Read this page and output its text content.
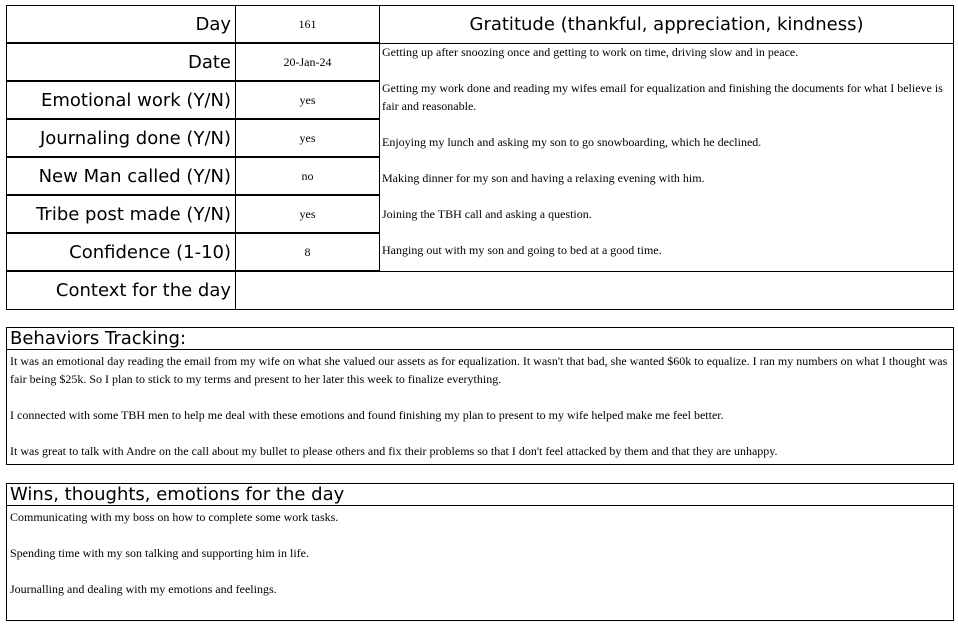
Day
Date
Emotional work (Y/N)
Journaling done (Y/N)
New Man called (Y/N)
Tribe post made (Y/N)
Confidence (1-10)
Context for the day
161
20-Jan-24
yes
yes
no
yes
8
Gratitude (thankful, appreciation, kindness)
Getting up after snoozing once and getting to work on time, driving slow and in peace.
Getting my work done and reading my wifes email for equalization and finishing the documents for what I believe is fair and reasonable.
Enjoying my lunch and asking my son to go snowboarding, which he declined.
Making dinner for my son and having a relaxing evening with him.
Joining the TBH call and asking a question.
Hanging out with my son and going to bed at a good time.
Behaviors Tracking:

It was an emotional day reading the email from my wife on what she valued our assets as for equalization. It wasn't that bad, she wanted $60k to equalize. I ran my numbers on what I thought was fair being $25k. So I plan to stick to my terms and present to her later this week to finalize everything.

I connected with some TBH men to help me deal with these emotions and found finishing my plan to present to my wife helped make me feel better.

It was great to talk with Andre on the call about my bullet to please others and fix their problems so that I don't feel attacked by them and that they are unhappy.

Wins, thoughts, emotions for the day

Communicating with my boss on how to complete some work tasks.

Spending time with my son talking and supporting him in life.

Journalling and dealing with my emotions and feelings.
